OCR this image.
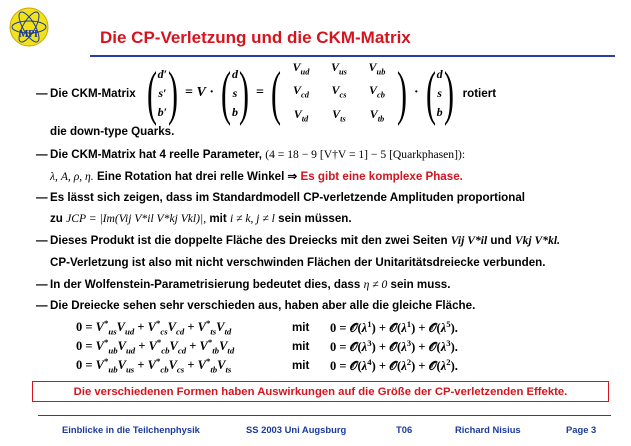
MPI	Die CP-Verletzung und die CKM-Matrix
— Die CKM-Matrix ( d′
s′
b′ ) = V · ( d
s
b ) = ( $V_{ud}$	$V_{us}$	$V_{ub}$
$V_{cd}$	$V_{cs}$	$V_{cb}$
$V_{td}$	$V_{ts}$	$V_{tb}$ ) · ( d
s
b ) rotiert
die down-type Quarks.
— Die CKM-Matrix hat 4 reelle Parameter, (4 = 18 − 9 [V†V = 1] − 5 [Quarkphasen]):
λ, A, ρ, η. Eine Rotation hat drei relle Winkel ⇒ Es gibt eine komplexe Phase.
— Es lässt sich zeigen, dass im Standardmodell CP-verletzende Amplituden proportional
zu JCP = |Im(Vij V*il V*kj Vkl)|, mit i ≠ k, j ≠ l sein müssen.
— Dieses Produkt ist die doppelte Fläche des Dreiecks mit den zwei Seiten Vij V*il und Vkj V*kl.
CP-Verletzung ist also mit nicht verschwinden Flächen der Unitaritätsdreiecke verbunden.
— In der Wolfenstein-Parametrisierung bedeutet dies, dass η ≠ 0 sein muss.
— Die Dreiecke sehen sehr verschieden aus, haben aber alle die gleiche Fläche.
$0 = V^*_{us}V_{ud} + V^*_{cs}V_{cd} + V^*_{ts}V_{td}$	mit	$0 = 𝒪(\lambda^1)$ + $𝒪(\lambda^1)$ + $𝒪(\lambda^5)$.
$0 = V^*_{ub}V_{ud} + V^*_{cb}V_{cd} + V^*_{tb}V_{td}$	mit	$0 = 𝒪(\lambda^3)$ + $𝒪(\lambda^3)$ + $𝒪(\lambda^3)$.
$0 = V^*_{ub}V_{us} + V^*_{cb}V_{cs} + V^*_{tb}V_{ts}$	mit	$0 = 𝒪(\lambda^4)$ + $𝒪(\lambda^2)$ + $𝒪(\lambda^2)$.
Die verschiedenen Formen haben Auswirkungen auf die Größe der CP-verletzenden Effekte.
Einblicke in die Teilchenphysik	SS 2003 Uni Augsburg	T06	Richard Nisius	Page 3
